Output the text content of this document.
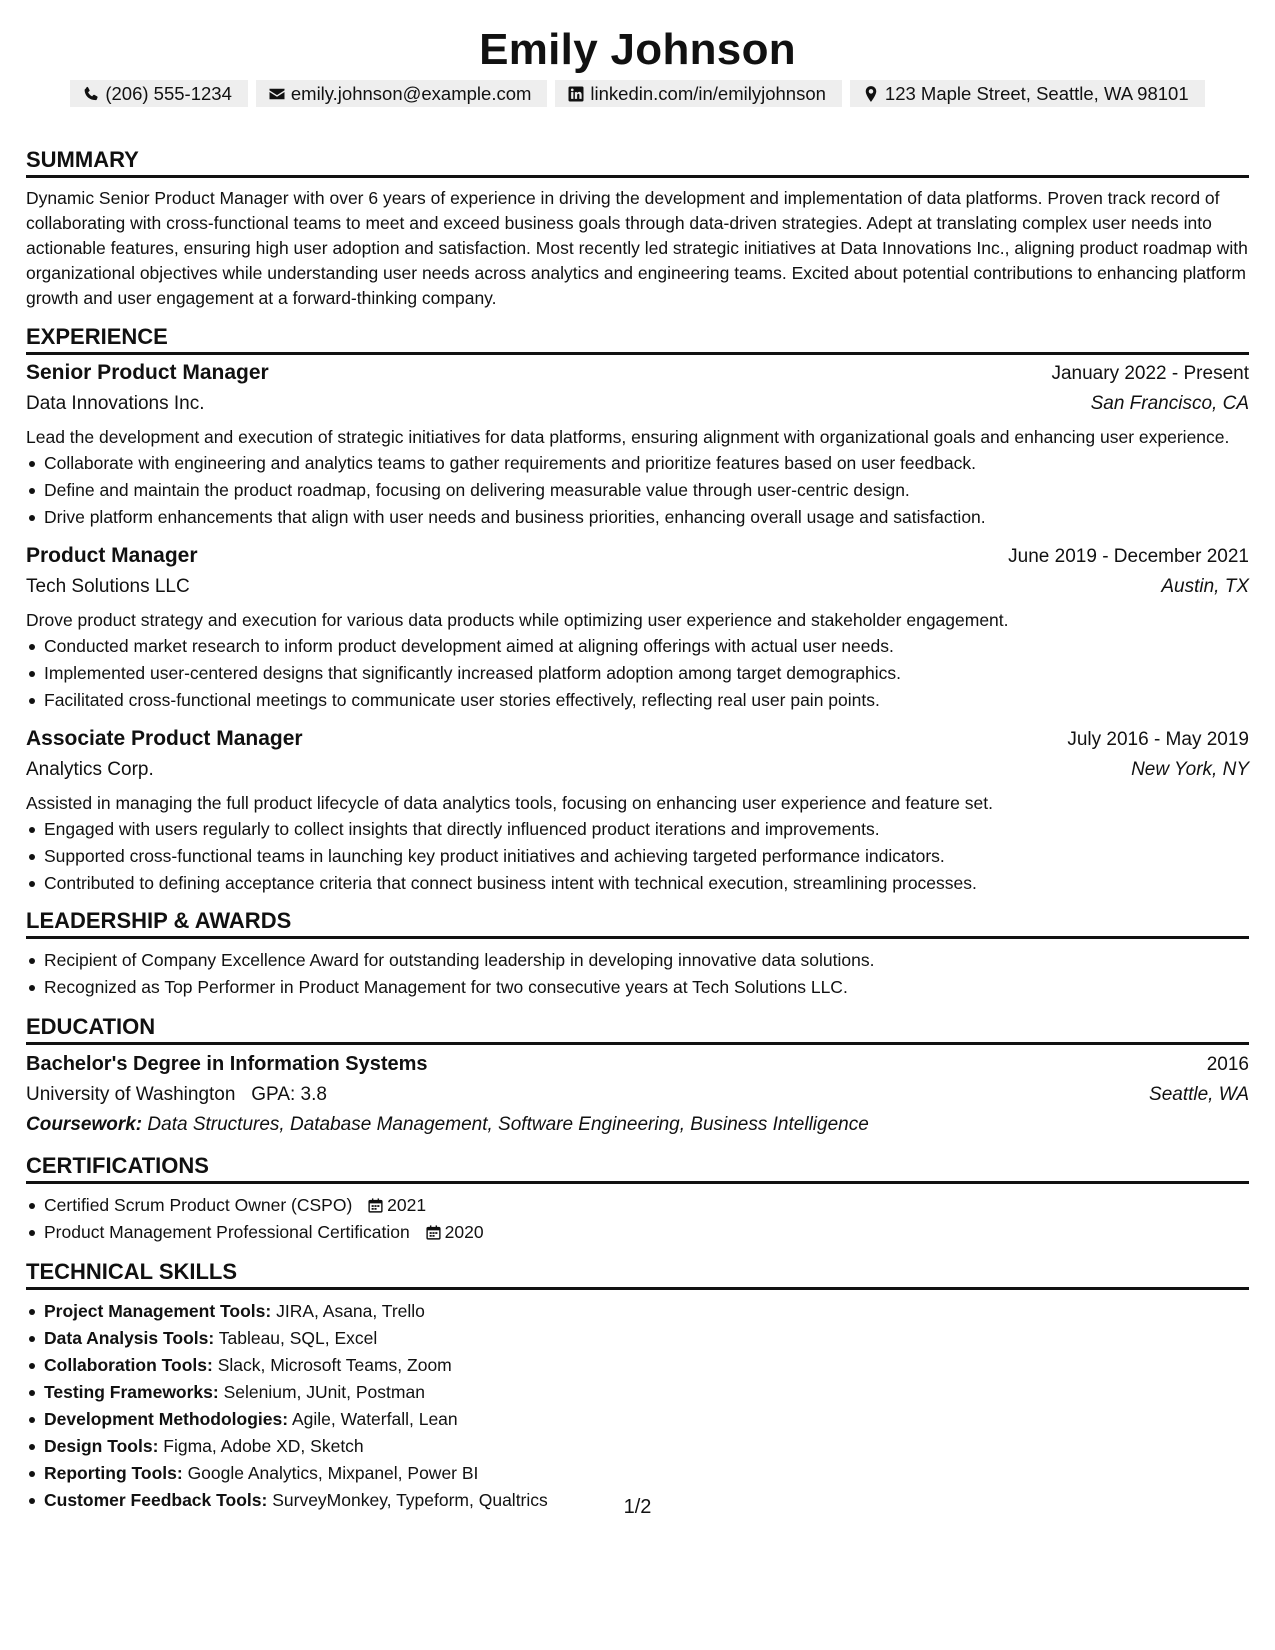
Emily Johnson
(206) 555-1234	emily.johnson@example.com	linkedin.com/in/emilyjohnson	123 Maple Street, Seattle, WA 98101
SUMMARY

Dynamic Senior Product Manager with over 6 years of experience in driving the development and implementation of data platforms. Proven track record of collaborating with cross-functional teams to meet and exceed business goals through data-driven strategies. Adept at translating complex user needs into actionable features, ensuring high user adoption and satisfaction. Most recently led strategic initiatives at Data Innovations Inc., aligning product roadmap with organizational objectives while understanding user needs across analytics and engineering teams. Excited about potential contributions to enhancing platform growth and user engagement at a forward-thinking company.

EXPERIENCE
Senior Product Manager	January 2022 - Present
Data Innovations Inc.	San Francisco, CA

Lead the development and execution of strategic initiatives for data platforms, ensuring alignment with organizational goals and enhancing user experience.

Collaborate with engineering and analytics teams to gather requirements and prioritize features based on user feedback.
Define and maintain the product roadmap, focusing on delivering measurable value through user-centric design.
Drive platform enhancements that align with user needs and business priorities, enhancing overall usage and satisfaction.
Product Manager	June 2019 - December 2021
Tech Solutions LLC	Austin, TX

Drove product strategy and execution for various data products while optimizing user experience and stakeholder engagement.

Conducted market research to inform product development aimed at aligning offerings with actual user needs.
Implemented user-centered designs that significantly increased platform adoption among target demographics.
Facilitated cross-functional meetings to communicate user stories effectively, reflecting real user pain points.
Associate Product Manager	July 2016 - May 2019
Analytics Corp.	New York, NY

Assisted in managing the full product lifecycle of data analytics tools, focusing on enhancing user experience and feature set.

Engaged with users regularly to collect insights that directly influenced product iterations and improvements.
Supported cross-functional teams in launching key product initiatives and achieving targeted performance indicators.
Contributed to defining acceptance criteria that connect business intent with technical execution, streamlining processes.
LEADERSHIP & AWARDS
Recipient of Company Excellence Award for outstanding leadership in developing innovative data solutions.
Recognized as Top Performer in Product Management for two consecutive years at Tech Solutions LLC.
EDUCATION
Bachelor's Degree in Information Systems	2016
University of Washington GPA: 3.8	Seattle, WA
Coursework: Data Structures, Database Management, Software Engineering, Business Intelligence
CERTIFICATIONS
Certified Scrum Product Owner (CSPO) 2021
Product Management Professional Certification 2020
TECHNICAL SKILLS
Project Management Tools: JIRA, Asana, Trello
Data Analysis Tools: Tableau, SQL, Excel
Collaboration Tools: Slack, Microsoft Teams, Zoom
Testing Frameworks: Selenium, JUnit, Postman
Development Methodologies: Agile, Waterfall, Lean
Design Tools: Figma, Adobe XD, Sketch
Reporting Tools: Google Analytics, Mixpanel, Power BI
Customer Feedback Tools: SurveyMonkey, Typeform, Qualtrics	1/2
